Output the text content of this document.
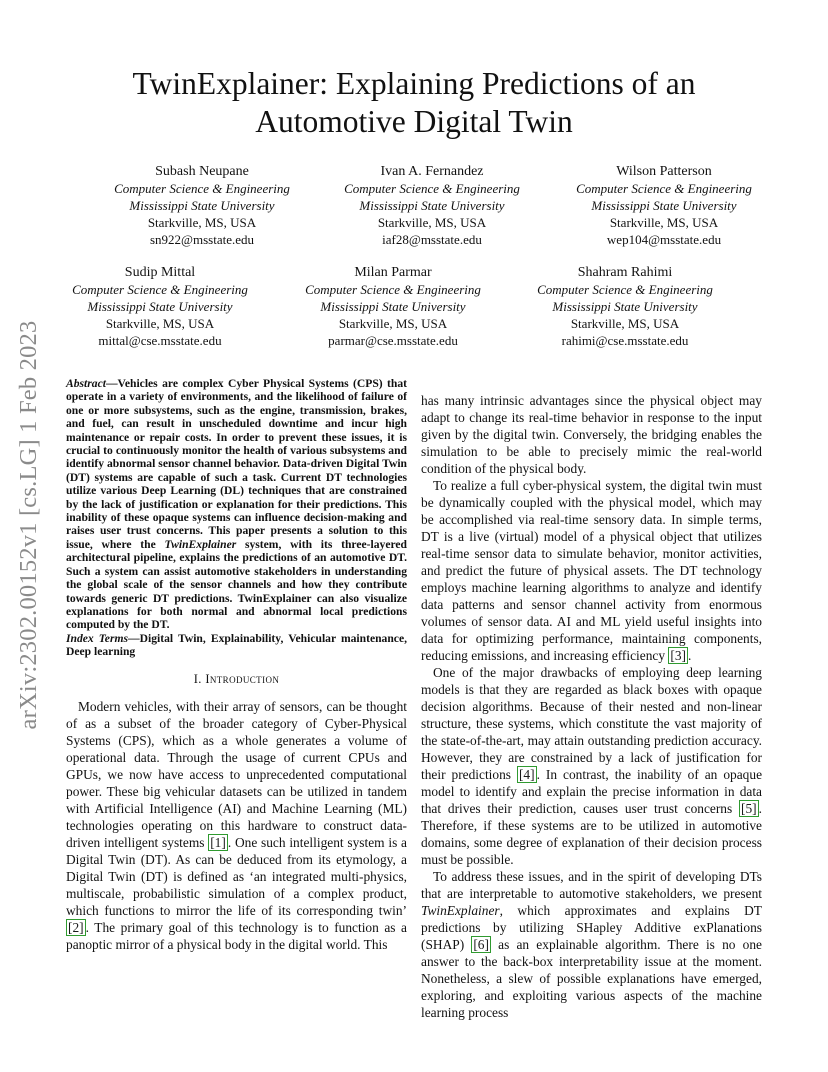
arXiv:2302.00152v1 [cs.LG] 1 Feb 2023
TwinExplainer: Explaining Predictions of an
Automotive Digital Twin
Subash Neupane
Computer Science & Engineering
Mississippi State University
Starkville, MS, USA
sn922@msstate.edu
Ivan A. Fernandez
Computer Science & Engineering
Mississippi State University
Starkville, MS, USA
iaf28@msstate.edu
Wilson Patterson
Computer Science & Engineering
Mississippi State University
Starkville, MS, USA
wep104@msstate.edu
Sudip Mittal
Computer Science & Engineering
Mississippi State University
Starkville, MS, USA
mittal@cse.msstate.edu
Milan Parmar
Computer Science & Engineering
Mississippi State University
Starkville, MS, USA
parmar@cse.msstate.edu
Shahram Rahimi
Computer Science & Engineering
Mississippi State University
Starkville, MS, USA
rahimi@cse.msstate.edu
Abstract—Vehicles are complex Cyber Physical Systems (CPS) that operate in a variety of environments, and the likelihood of failure of one or more subsystems, such as the engine, transmission, brakes, and fuel, can result in unscheduled downtime and incur high maintenance or repair costs. In order to prevent these issues, it is crucial to continuously monitor the health of various subsystems and identify abnormal sensor channel behavior. Data-driven Digital Twin (DT) systems are capable of such a task. Current DT technologies utilize various Deep Learning (DL) techniques that are constrained by the lack of justification or explanation for their predictions. This inability of these opaque systems can influence decision-making and raises user trust concerns. This paper presents a solution to this issue, where the TwinExplainer system, with its three-layered architectural pipeline, explains the predictions of an automotive DT. Such a system can assist automotive stakeholders in understanding the global scale of the sensor channels and how they contribute towards generic DT predictions. TwinExplainer can also visualize explanations for both normal and abnormal local predictions computed by the DT.
Index Terms—Digital Twin, Explainability, Vehicular maintenance, Deep learning
I. Introduction

Modern vehicles, with their array of sensors, can be thought of as a subset of the broader category of Cyber-Physical Systems (CPS), which as a whole generates a volume of operational data. Through the usage of current CPUs and GPUs, we now have access to unprecedented computational power. These big vehicular datasets can be utilized in tandem with Artificial Intelligence (AI) and Machine Learning (ML) technologies operating on this hardware to construct data-driven intelligent systems [1] . One such intelligent system is a Digital Twin (DT). As can be deduced from its etymology, a Digital Twin (DT) is defined as ‘an integrated multi-physics, multiscale, probabilistic simulation of a complex product, which functions to mirror the life of its corresponding twin’ [2] . The primary goal of this technology is to function as a panoptic mirror of a physical body in the digital world. This

has many intrinsic advantages since the physical object may adapt to change its real-time behavior in response to the input given by the digital twin. Conversely, the bridging enables the simulation to be able to precisely mimic the real-world condition of the physical body.

To realize a full cyber-physical system, the digital twin must be dynamically coupled with the physical model, which may be accomplished via real-time sensory data. In simple terms, DT is a live (virtual) model of a physical object that utilizes real-time sensor data to simulate behavior, monitor activities, and predict the future of physical assets. The DT technology employs machine learning algorithms to analyze and identify data patterns and sensor channel activity from enormous volumes of sensor data. AI and ML yield useful insights into data for optimizing performance, maintaining components, reducing emissions, and increasing efficiency [3] .

One of the major drawbacks of employing deep learning models is that they are regarded as black boxes with opaque decision algorithms. Because of their nested and non-linear structure, these systems, which constitute the vast majority of the state-of-the-art, may attain outstanding prediction accuracy. However, they are constrained by a lack of justification for their predictions [4] . In contrast, the inability of an opaque model to identify and explain the precise information in data that drives their prediction, causes user trust concerns [5] . Therefore, if these systems are to be utilized in automotive domains, some degree of explanation of their decision process must be possible.

To address these issues, and in the spirit of developing DTs that are interpretable to automotive stakeholders, we present TwinExplainer, which approximates and explains DT predictions by utilizing SHapley Additive exPlanations (SHAP) [6] as an explainable algorithm. There is no one answer to the back-box interpretability issue at the moment. Nonetheless, a slew of possible explanations have emerged, exploring, and exploiting various aspects of the machine learning process
